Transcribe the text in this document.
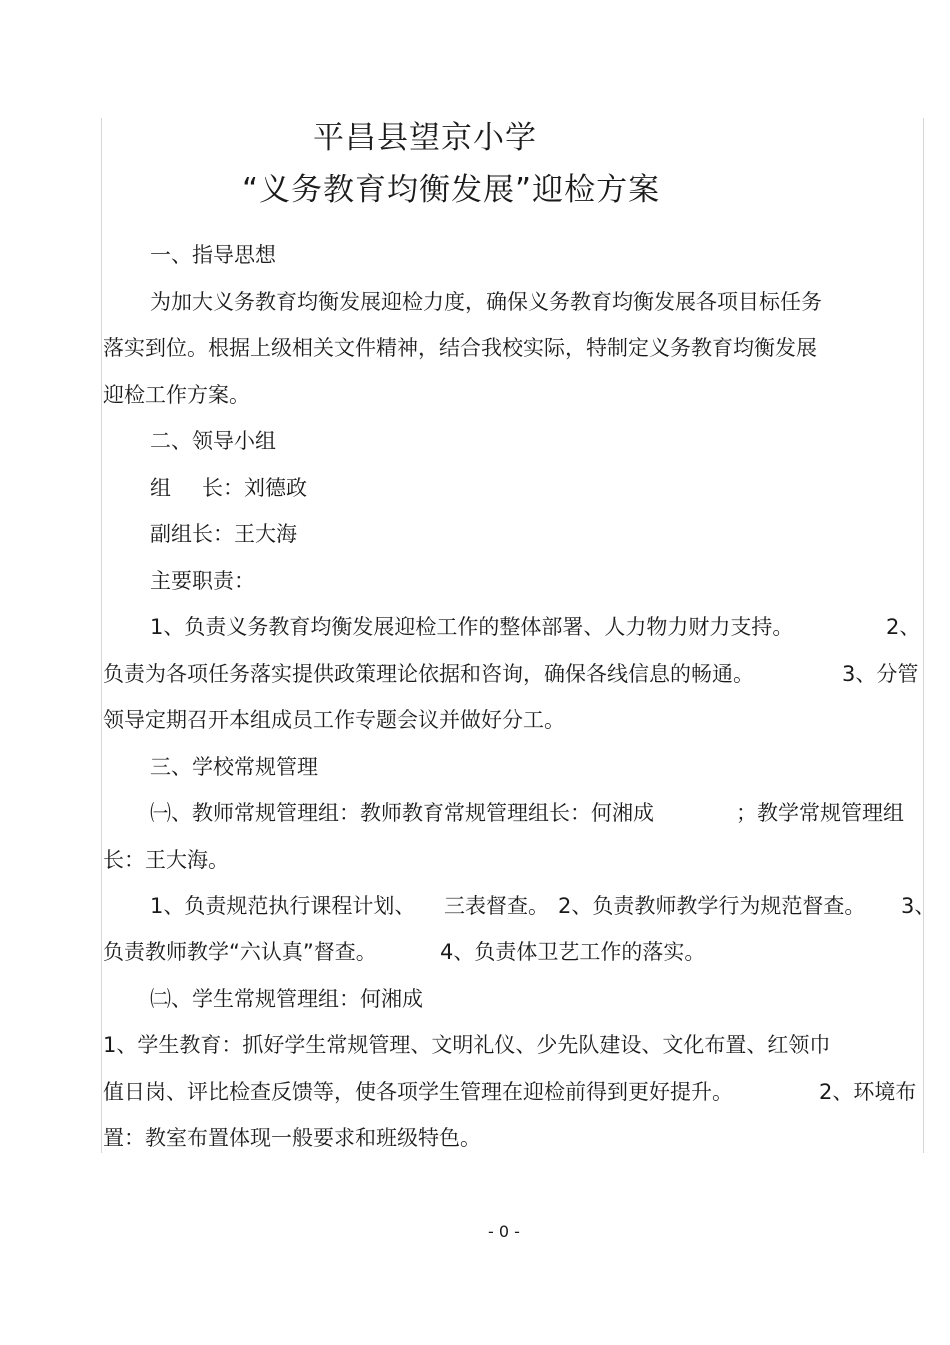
平昌县望京小学
“义务教育均衡发展”迎检方案
一、指导思想
为加大义务教育均衡发展迎检力度，确保义务教育均衡发展各项目标任务
落实到位。根据上级相关文件精神，结合我校实际，特制定义务教育均衡发展
迎检工作方案。
二、领导小组
组 长：刘德政
副组长：王大海
主要职责：
1、负责义务教育均衡发展迎检工作的整体部署、人力物力财力支持。	2、
负责为各项任务落实提供政策理论依据和咨询，确保各线信息的畅通。	3、分管
领导定期召开本组成员工作专题会议并做好分工。
三、学校常规管理
㈠、教师常规管理组：教师教育常规管理组长：何湘成	；教学常规管理组
长：王大海。
1、负责规范执行课程计划、 三表督查。 2、负责教师教学行为规范督查。 3、
负责教师教学“六认真”督查。	4、负责体卫艺工作的落实。
㈡、学生常规管理组：何湘成
1、学生教育：抓好学生常规管理、文明礼仪、少先队建设、文化布置、红领巾
值日岗、评比检查反馈等，使各项学生管理在迎检前得到更好提升。	2、环境布
置：教室布置体现一般要求和班级特色。
- 0 -
